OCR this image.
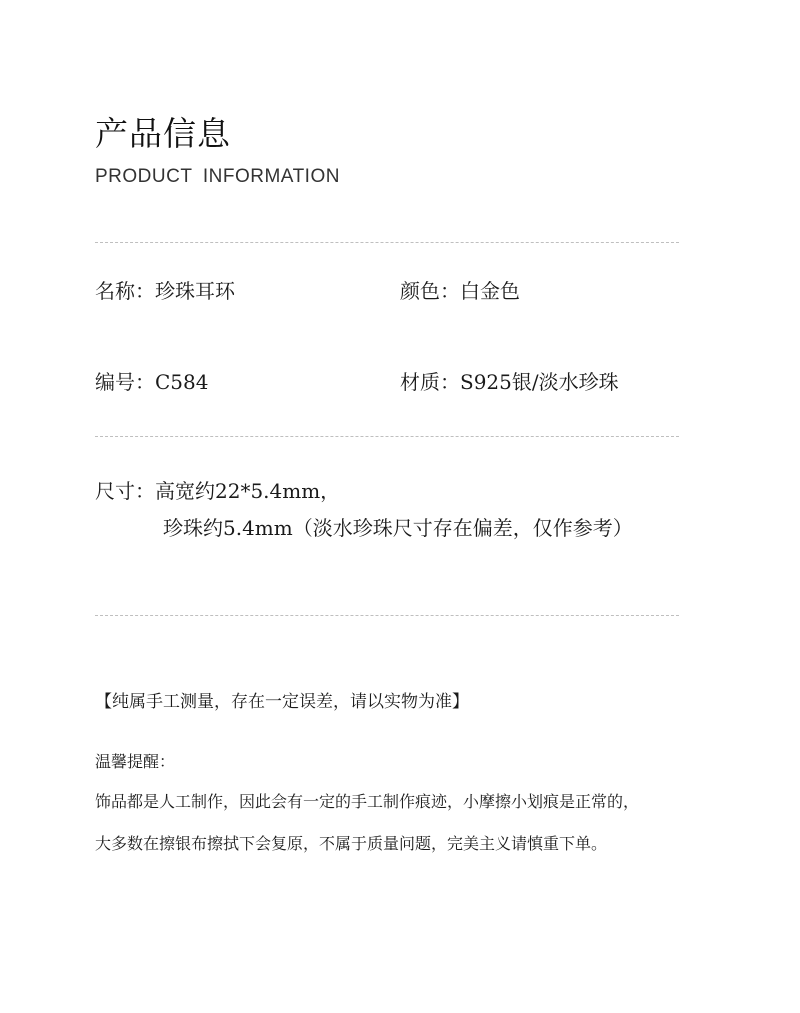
产品信息
PRODUCT INFORMATION
名称：珍珠耳环	颜色：白金色
编号：C584	材质：S925银/淡水珍珠
尺寸：高宽约22*5.4mm，
珍珠约5.4mm（淡水珍珠尺寸存在偏差，仅作参考）
【纯属手工测量，存在一定误差，请以实物为准】
温馨提醒：
饰品都是人工制作，因此会有一定的手工制作痕迹，小摩擦小划痕是正常的，
大多数在擦银布擦拭下会复原，不属于质量问题，完美主义请慎重下单。
